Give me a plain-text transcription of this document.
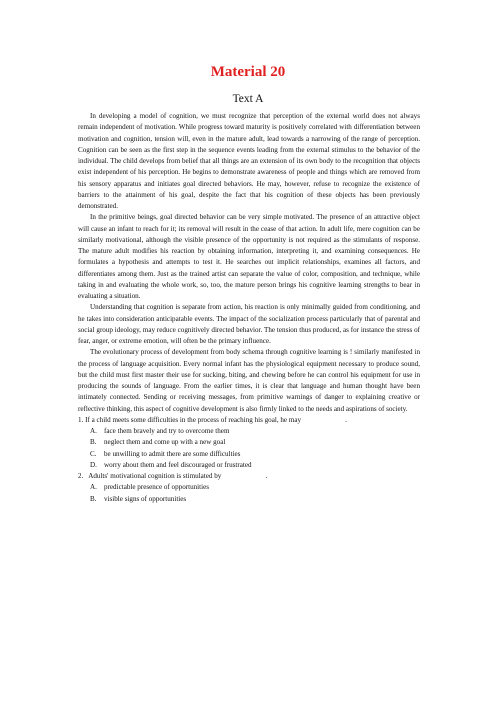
Material 20
Text A

In developing a model of cognition, we must recognize that perception of the external world does not always remain independent of motivation. While progress toward maturity is positively correlated with differentiation between motivation and cognition, tension will, even in the mature adult, lead towards a narrowing of the range of perception. Cognition can be seen as the first step in the sequence events leading from the external stimulus to the behavior of the individual. The child develops from belief that all things are an extension of its own body to the recognition that objects exist independent of his perception. He begins to demonstrate awareness of people and things which are removed from his sensory apparatus and initiates goal directed behaviors. He may, however, refuse to recognize the existence of barriers to the attainment of his goal, despite the fact that his cognition of these objects has been previously demonstrated.

In the primitive beings, goal directed behavior can be very simple motivated. The presence of an attractive object will cause an infant to reach for it; its removal will result in the cease of that action. In adult life, mere cognition can be similarly motivational, although the visible presence of the opportunity is not required as the stimulants of response. The mature adult modifies his reaction by obtaining information, interpreting it, and examining consequences. He formulates a hypothesis and attempts to test it. He searches out implicit relationships, examines all factors, and differentiates among them. Just as the trained artist can separate the value of color, composition, and technique, while taking in and evaluating the whole work, so, too, the mature person brings his cognitive learning strengths to bear in evaluating a situation.

Understanding that cognition is separate from action, his reaction is only minimally guided from conditioning, and he takes into consideration anticipatable events. The impact of the socialization process particularly that of parental and social group ideology, may reduce cognitively directed behavior. The tension thus produced, as for instance the stress of fear, anger, or extreme emotion, will often be the primary influence.

The evolutionary process of development from body schema through cognitive learning is ! similarly manifested in the process of language acquisition. Every normal infant has the physiological equipment necessary to produce sound, but the child must first master their use for sucking, biting, and chewing before he can control his equipment for use in producing the sounds of language. From the earlier times, it is clear that language and human thought have been intimately connected. Sending or receiving messages, from primitive warnings of danger to explaining creative or reflective thinking, this aspect of cognitive development is also firmly linked to the needs and aspirations of society.

1. If a child meets some difficulties in the process of reaching his goal, he may	.
A. face them bravely and try to overcome them
B. neglect them and come up with a new goal
C. be unwilling to admit there are some difficulties
D. worry about them and feel discouraged or frustrated
2.   Adults' motivational cognition is stimulated by	.
A. predictable presence of opportunities
B. visible signs of opportunities
